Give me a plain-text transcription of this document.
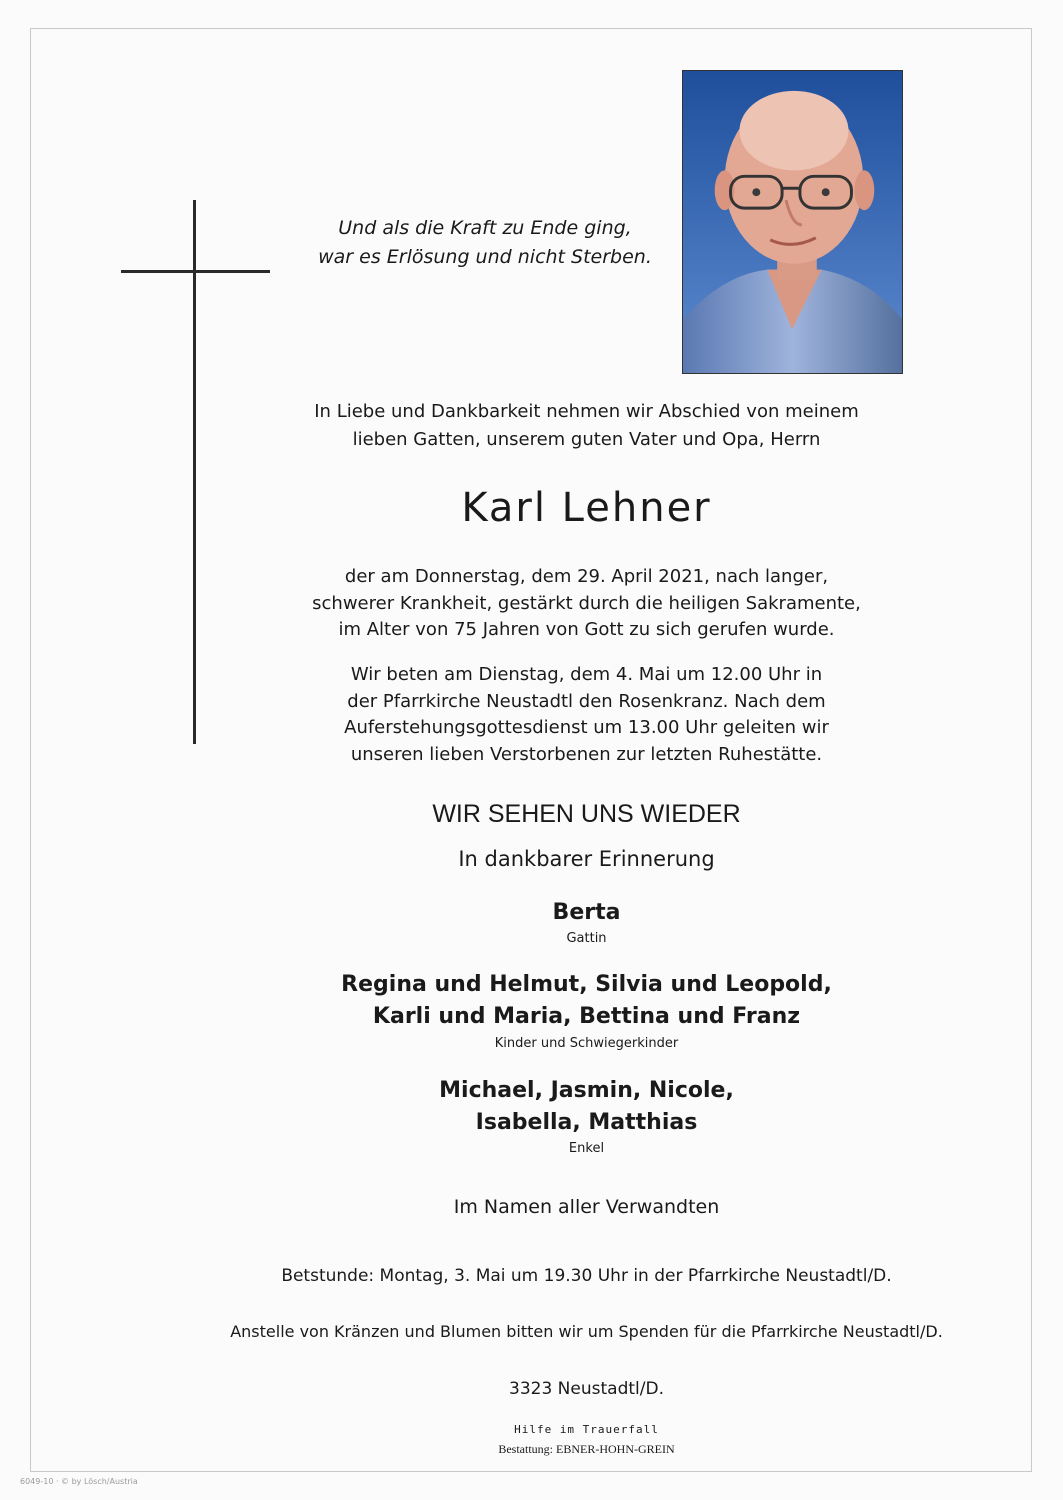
Und als die Kraft zu Ende ging,
war es Erlösung und nicht Sterben.

In Liebe und Dankbarkeit nehmen wir Abschied von meinem
lieben Gatten, unserem guten Vater und Opa, Herrn

Karl Lehner

der am Donnerstag, dem 29. April 2021, nach langer,
schwerer Krankheit, gestärkt durch die heiligen Sakramente,
im Alter von 75 Jahren von Gott zu sich gerufen wurde.

Wir beten am Dienstag, dem 4. Mai um 12.00 Uhr in
der Pfarrkirche Neustadtl den Rosenkranz. Nach dem
Auferstehungsgottesdienst um 13.00 Uhr geleiten wir
unseren lieben Verstorbenen zur letzten Ruhestätte.

WIR SEHEN UNS WIEDER

In dankbarer Erinnerung

Berta

Gattin

Regina und Helmut, Silvia und Leopold,
Karli und Maria, Bettina und Franz

Kinder und Schwiegerkinder

Michael, Jasmin, Nicole,
Isabella, Matthias

Enkel

Im Namen aller Verwandten

Betstunde: Montag, 3. Mai um 19.30 Uhr in der Pfarrkirche Neustadtl/D.

Anstelle von Kränzen und Blumen bitten wir um Spenden für die Pfarrkirche Neustadtl/D.

3323 Neustadtl/D.

Hilfe im Trauerfall

Bestattung: EBNER-HOHN-GREIN

6049-10 · © by Lösch/Austria
